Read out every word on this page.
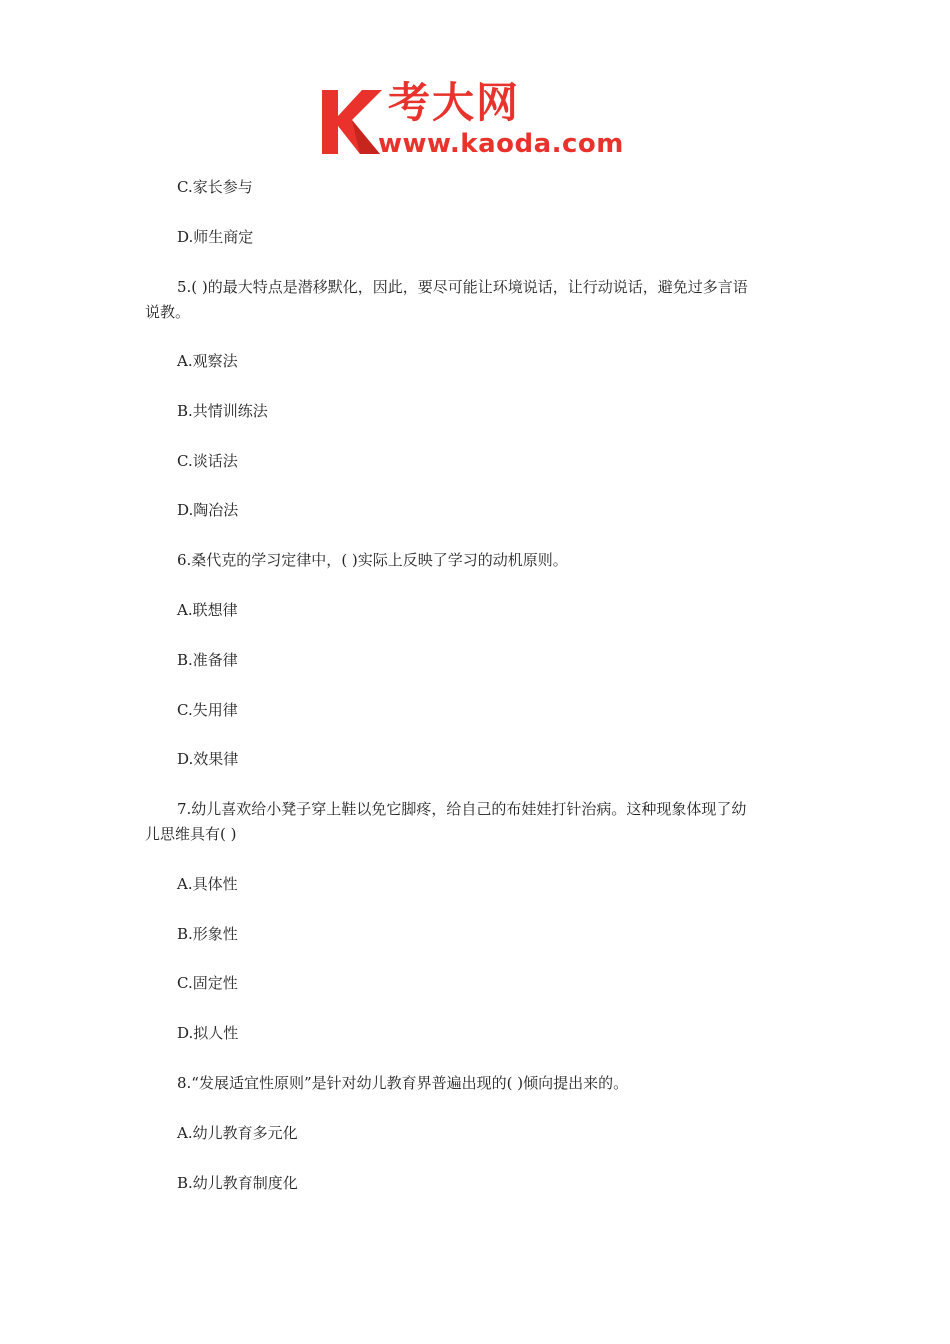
考大网
www.kaoda.com
C.家长参与
D.师生商定
5.( )的最大特点是潜移默化，因此，要尽可能让环境说话，让行动说话，避免过多言语
说教。
A.观察法
B.共情训练法
C.谈话法
D.陶冶法
6.桑代克的学习定律中，( )实际上反映了学习的动机原则。
A.联想律
B.准备律
C.失用律
D.效果律
7.幼儿喜欢给小凳子穿上鞋以免它脚疼，给自己的布娃娃打针治病。这种现象体现了幼
儿思维具有( )
A.具体性
B.形象性
C.固定性
D.拟人性
8.“发展适宜性原则”是针对幼儿教育界普遍出现的( )倾向提出来的。
A.幼儿教育多元化
B.幼儿教育制度化
